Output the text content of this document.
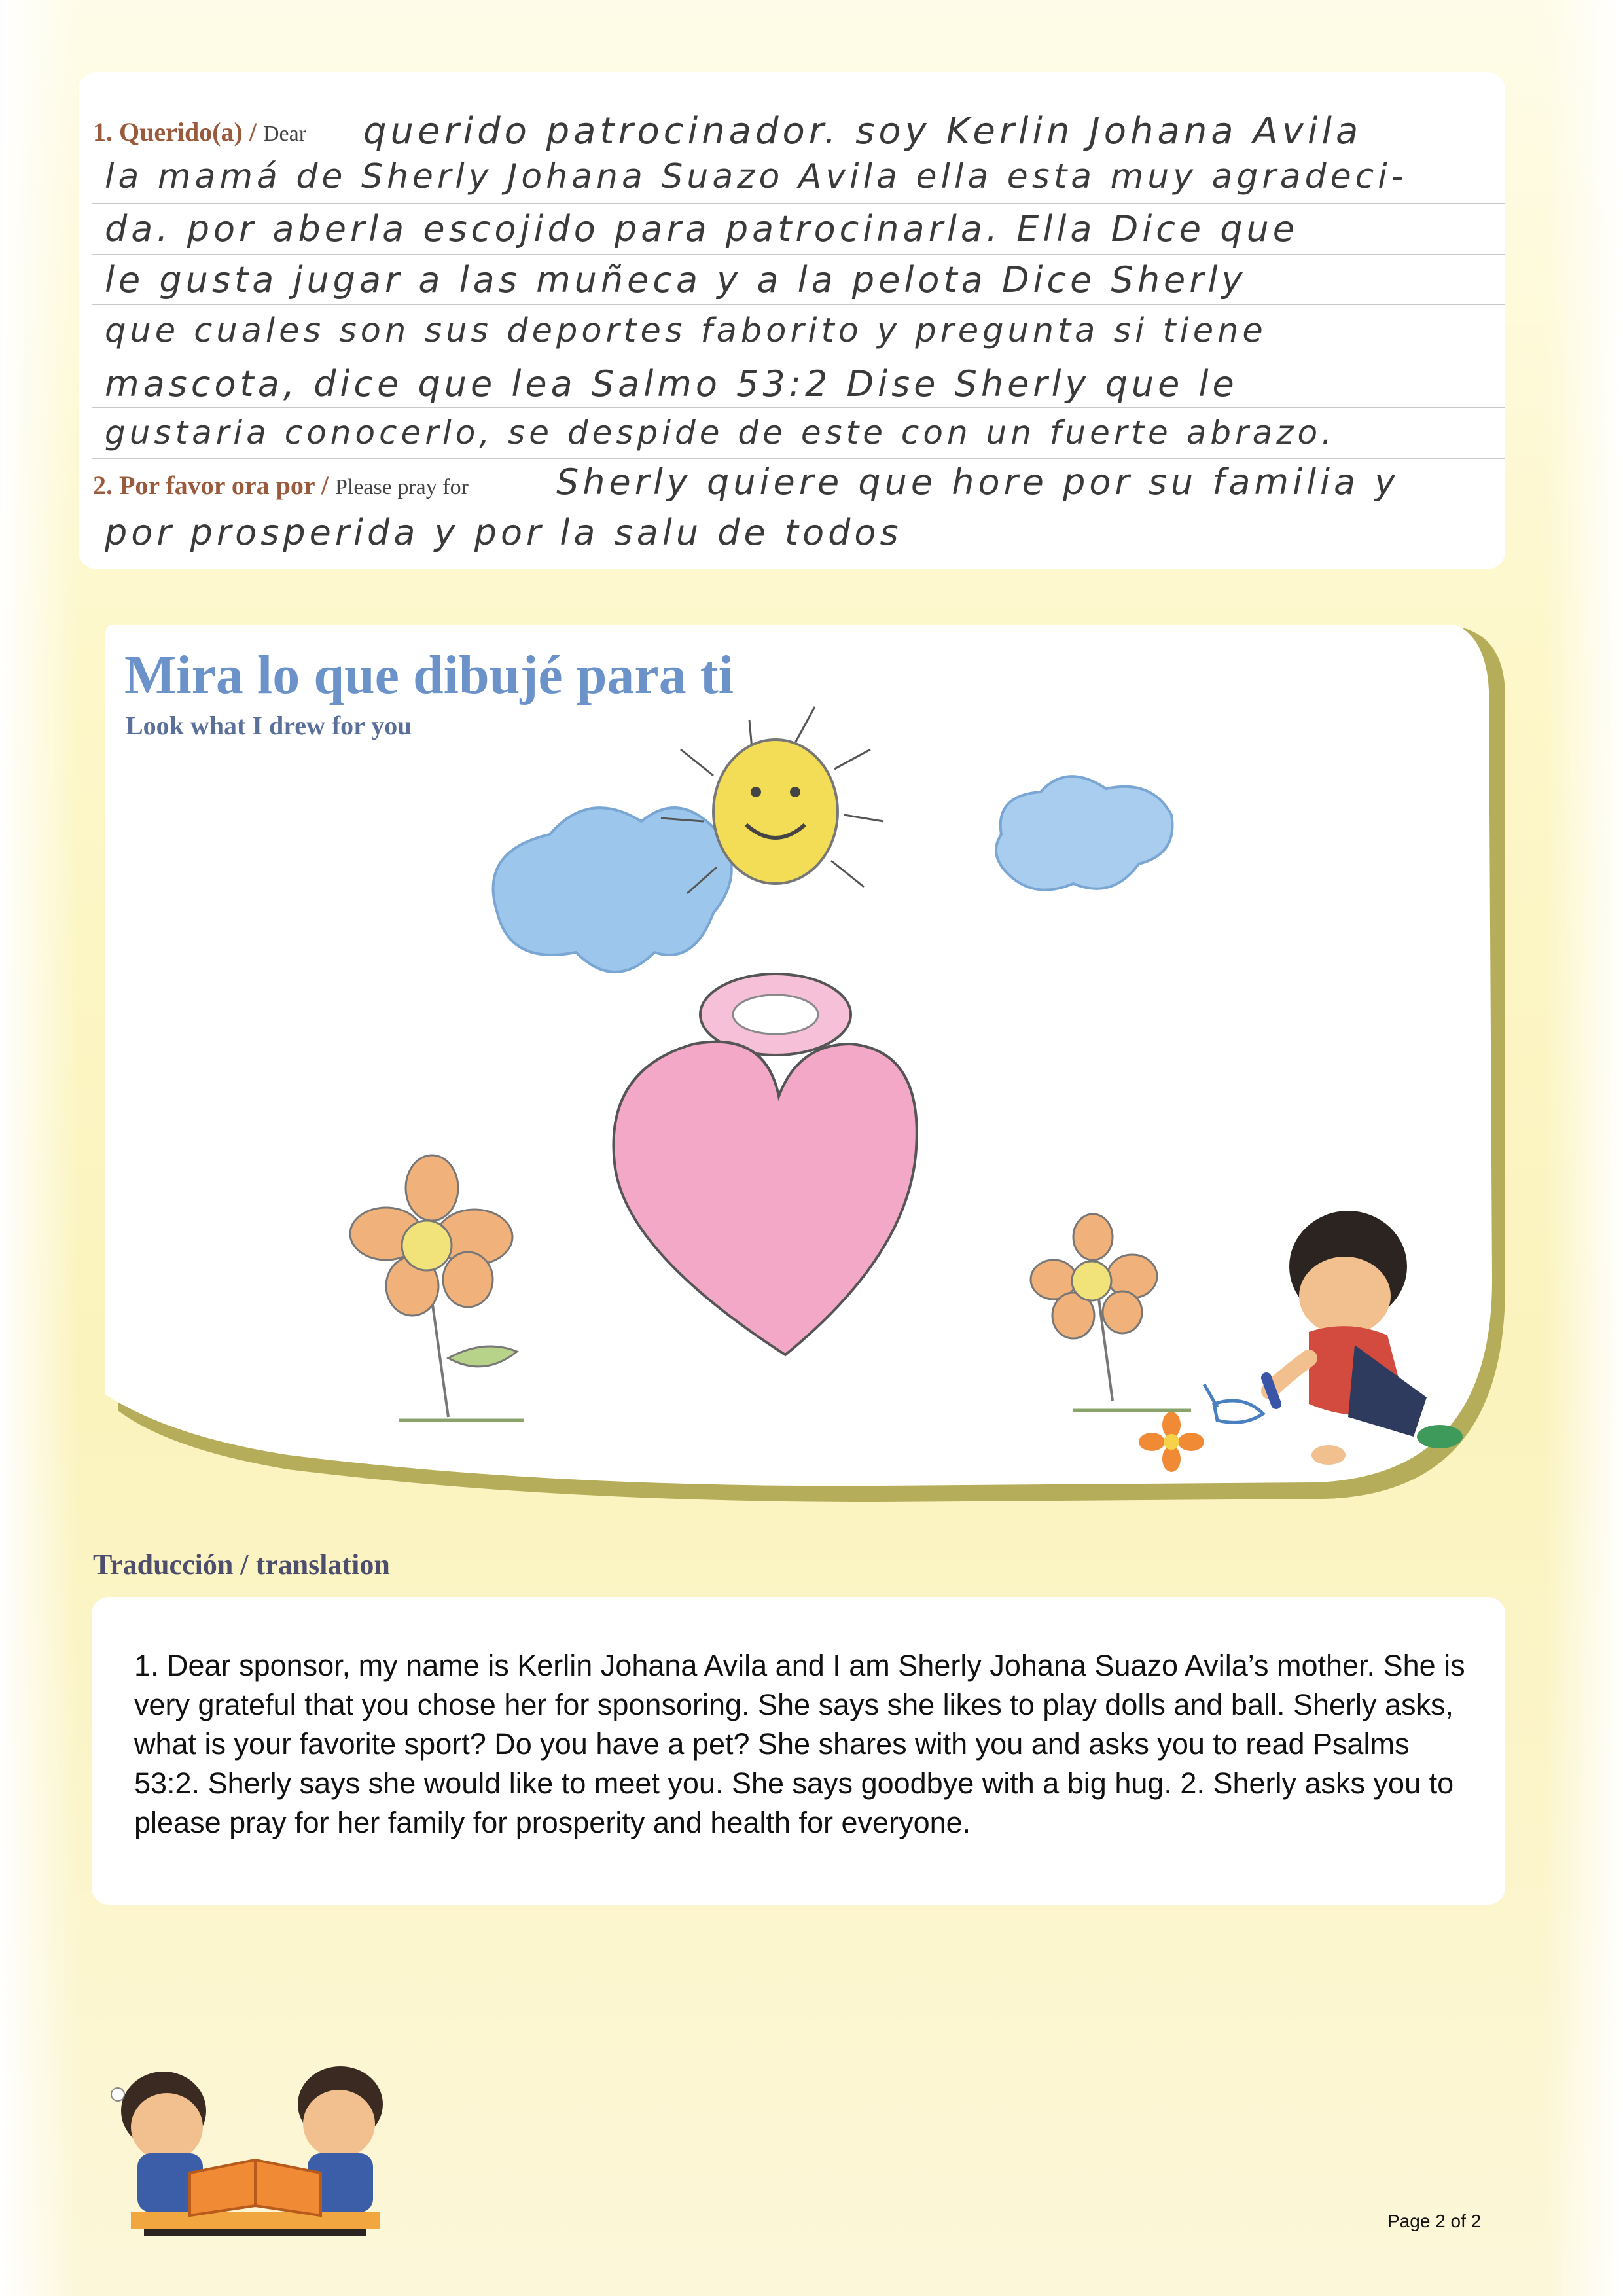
1. Querido(a) / Dear querido patrocinador. soy Kerlin Johana Avila
la mamá de Sherly Johana Suazo Avila ella esta muy agradeci-
da. por aberla escojido para patrocinarla. Ella Dice que
le gusta jugar a las muñeca y a la pelota Dice Sherly
que cuales son sus deportes faborito y pregunta si tiene
mascota, dice que lea Salmo 53:2 Dise Sherly que le
gustaria conocerlo, se despide de este con un fuerte abrazo.
2. Por favor ora por / Please pray for Sherly quiere que hore por su familia y
por prosperida y por la salu de todos
Mira lo que dibujé para ti
Look what I drew for you
Traducción / translation
1. Dear sponsor, my name is Kerlin Johana Avila and I am Sherly Johana Suazo Avila’s mother. She is very grateful that you chose her for sponsoring. She says she likes to play dolls and ball. Sherly asks, what is your favorite sport? Do you have a pet? She shares with you and asks you to read Psalms 53:2. Sherly says she would like to meet you. She says goodbye with a big hug. 2. Sherly asks you to please pray for her family for prosperity and health for everyone.
Page 2 of 2
